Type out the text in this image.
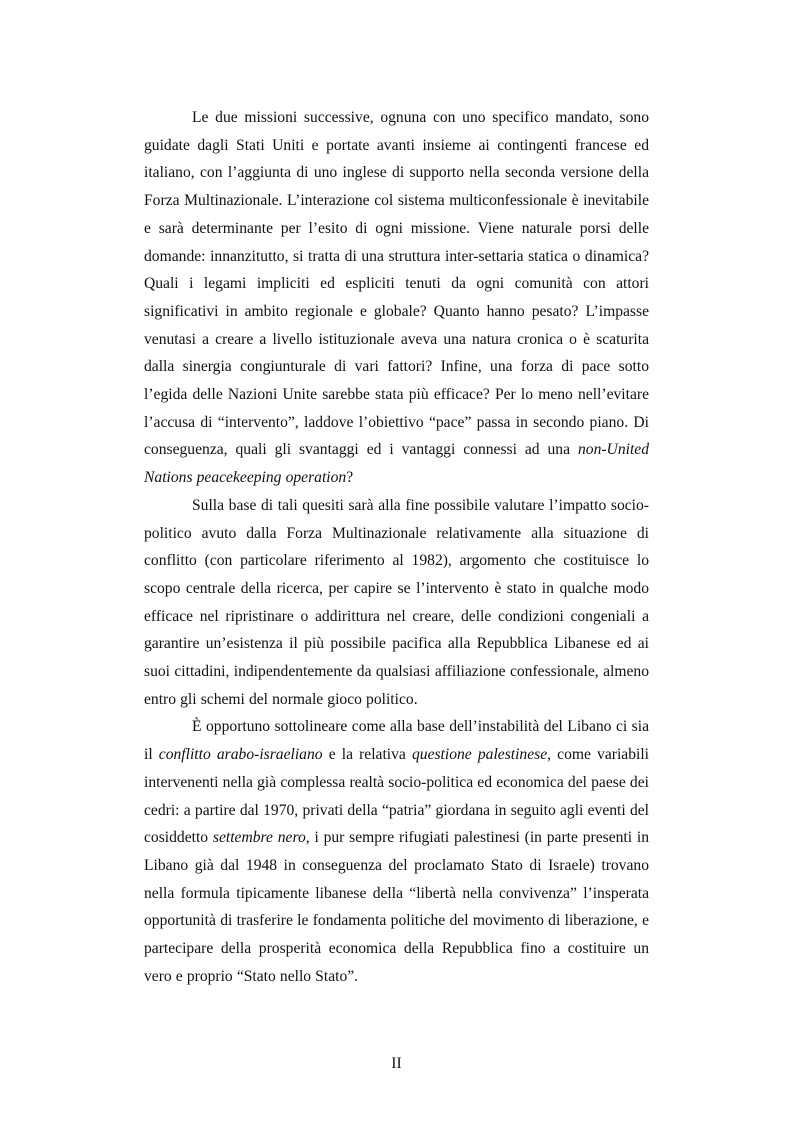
Le due missioni successive, ognuna con uno specifico mandato, sono guidate dagli Stati Uniti e portate avanti insieme ai contingenti francese ed italiano, con l’aggiunta di uno inglese di supporto nella seconda versione della Forza Multinazionale. L’interazione col sistema multiconfessionale è inevitabile e sarà determinante per l’esito di ogni missione. Viene naturale porsi delle domande: innanzitutto, si tratta di una struttura inter-settaria statica o dinamica? Quali i legami impliciti ed espliciti tenuti da ogni comunità con attori significativi in ambito regionale e globale? Quanto hanno pesato? L’impasse venutasi a creare a livello istituzionale aveva una natura cronica o è scaturita dalla sinergia congiunturale di vari fattori? Infine, una forza di pace sotto l’egida delle Nazioni Unite sarebbe stata più efficace? Per lo meno nell’evitare l’accusa di “intervento”, laddove l’obiettivo “pace” passa in secondo piano. Di conseguenza, quali gli svantaggi ed i vantaggi connessi ad una non-United Nations peacekeeping operation?

Sulla base di tali quesiti sarà alla fine possibile valutare l’impatto socio-politico avuto dalla Forza Multinazionale relativamente alla situazione di conflitto (con particolare riferimento al 1982), argomento che costituisce lo scopo centrale della ricerca, per capire se l’intervento è stato in qualche modo efficace nel ripristinare o addirittura nel creare, delle condizioni congeniali a garantire un’esistenza il più possibile pacifica alla Repubblica Libanese ed ai suoi cittadini, indipendentemente da qualsiasi affiliazione confessionale, almeno entro gli schemi del normale gioco politico.

È opportuno sottolineare come alla base dell’instabilità del Libano ci sia il conflitto arabo-israeliano e la relativa questione palestinese, come variabili intervenenti nella già complessa realtà socio-politica ed economica del paese dei cedri: a partire dal 1970, privati della “patria” giordana in seguito agli eventi del cosiddetto settembre nero, i pur sempre rifugiati palestinesi (in parte presenti in Libano già dal 1948 in conseguenza del proclamato Stato di Israele) trovano nella formula tipicamente libanese della “libertà nella convivenza” l’insperata opportunità di trasferire le fondamenta politiche del movimento di liberazione, e partecipare della prosperità economica della Repubblica fino a costituire un vero e proprio “Stato nello Stato”.

II
